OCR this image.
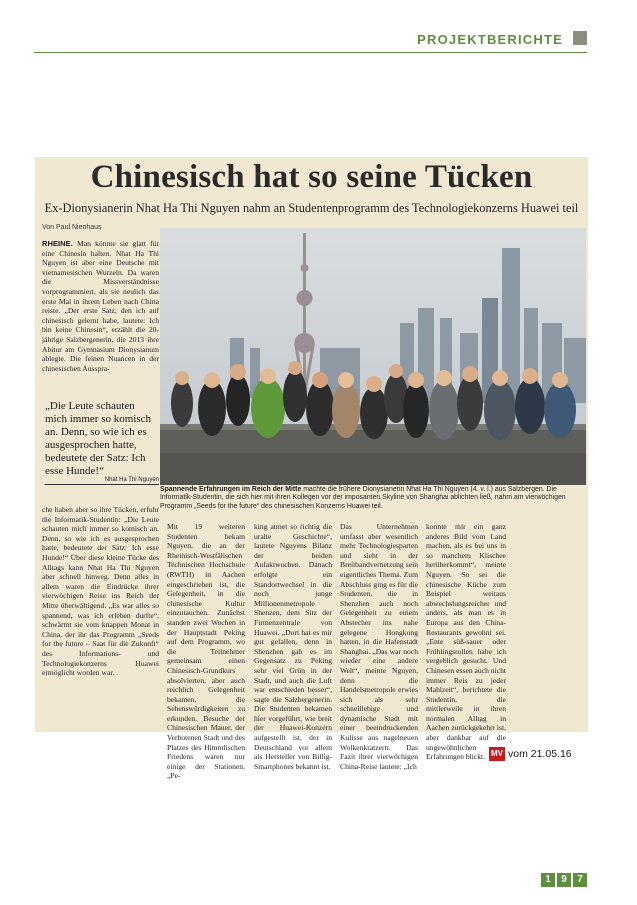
PROJEKTBERICHTE
Chinesisch hat so seine Tücken
Ex-Dionysianerin Nhat Ha Thi Nguyen nahm an Studentenprogramm des Technologiekonzerns Huawei teil
Von Paul Nienhaus

RHEINE. Man könnte sie glatt für eine Chinesin halten. Nhat Ha Thi Nguyen ist aber eine Deutsche mit vietnamesischen Wurzeln. Da waren die Missverständnisse vorprogrammiert, als sie neulich das erste Mal in ihrem Leben nach China reiste. „Der erste Satz, den ich auf chinesisch gelernt habe, lautete: Ich bin keine Chinesin“, erzählt die 20-jährige Salzbergenerin, die 2013 ihre Abitur am Gymnasium Dionysianum ablegte. Die feinen Nuancen in der chinesischen Ausspra-

„Die Leute schauten mich immer so komisch an. Denn, so wie ich es ausgesprochen hatte, bedeutete der Satz: Ich esse Hunde!“
Nhat Ha Thi Nguyen
Spannende Erfahrungen im Reich der Mitte machte die frühere Dionysianerin Nhat Ha Thi Nguyen (4. v. l.) aus Salzbergen. Die Informatik-Studentin, die sich hier mit ihren Kollegen vor der imposanten Skyline von Shanghai ablichten ließ, nahm am vierwöchigen Programm „Seeds for the future“ des chinesischen Konzerns Huawei teil.

che haben aber so ihre Tücken, erfuhr die Informatik-Studentin: „Die Leute schauten mich immer so komisch an. Denn, so wie ich es ausgesprochen hatte, bedeutete der Satz: Ich esse Hunde!“ Über diese kleine Tücke des Alltags kann Nhat Ha Thi Nguyen aber schnell hinweg. Denn alles in allem waren die Eindrücke ihrer vierwöchigen Reise ins Reich der Mitte überwältigend. „Es war alles so spannend, was ich erleben durfte“, schwärmt sie vom knappen Monat in China, der ihr das Programm „Seeds for the future – Saat für die Zukunft“ des Informations- und Technologiekonzerns Huawei ermöglicht worden war.

Mit 19 weiteren Studenten bekam Nguyen, die an der Rheinisch-Westfälischen Technischen Hochschule (RWTH) in Aachen eingeschrieben ist, die Gelegenheit, in die chinesische Kultur einzutauchen. Zunächst standen zwei Wochen in der Hauptstadt Peking auf dem Programm, wo die Teilnehmer gemeinsam einen Chinesisch-Grundkurs absolvierten, aber auch reichlich Gelegenheit bekamen, die Sehenswürdigkeiten zu erkunden. Besuche der Chinesischen Mauer, der Verbotenen Stadt und des Platzes des Himmlischen Friedens waren nur einige der Stationen. „Pe-

king atmet so richtig die uralte Geschichte“, lautete Nguyens Bilanz der beiden Aufaktwochen. Danach erfolgte ein Standortwechsel in die noch junge Millionenmetropole Shenzen, dem Sitz der Firmenzentrale von Huawei. „Dort hat es mir gut gefallen, denn in Shenzhen gab es im Gegensatz zu Peking sehr viel Grün in der Stadt, und auch die Luft war entschieden besser“, sagte die Salzbergenerin. Die Studenten bekamen hier vorgeführt, wie breit der Huawei-Konzern aufgestellt ist, der in Deutschland vor allem als Hersteller von Billig-Smartphones bekannt ist.

Das Unternehmen umfasst aber wesentlich mehr Technologiesparten und sieht in der Breitbandvernetzung sein eigentliches Thema. Zum Abschluss ging es für die Studenten, die in Shenzhen auch noch Gelegenheit zu einem Abstecher ins nahe gelegene Hongkong hatten, in die Hafenstadt Shanghai. „Das war noch wieder eine andere Welt“, meinte Nguyen, denn die Handelsmetropole erwies sich als sehr schnelllebige und dynamische Stadt mit einer beeindruckenden Kulisse aus nagelneuen Wolkenkratzern. Das Fazit ihrer vierwöchigen China-Reise lautete: „Ich

konnte mir ein ganz anderes Bild vom Land machen, als es bei uns in so manchem Klischee herüberkommt“, meinte Nguyen. So sei die chinesische Küche zum Beispiel weitaus abwechslungsreicher und anders, als man es in Europa aus den China-Restaurants gewohnt sei. „Ente süß-sauer oder Frühlingsrollen habe ich vergeblich gesucht. Und Chinesen essen auch nicht immer Reis zu jeder Mahlzeit“, berichtete die Studentin, die mittlerweile in ihren normalen Alltag in Aachen zurückgekehrt ist, aber dankbar auf die ungewöhnlichen Erfahrungen blickt. MV vom 21.05.16
1	9	7
